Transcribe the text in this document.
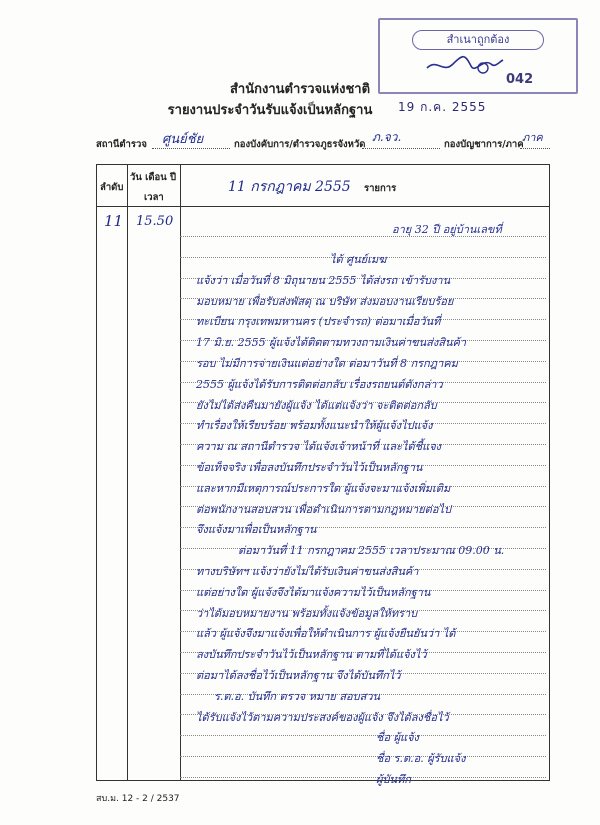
สำเนาถูกต้อง
042
19 ก.ค. 2555
สำนักงานตำรวจแห่งชาติ
รายงานประจำวันรับแจ้งเป็นหลักฐาน
สถานีตำรวจ ศูนย์ชัย	กองบังคับการ/ตำรวจภูธรจังหวัด
ภ.จว.
กองบัญชาการ/ภาค
ภาค
ลำดับ
วัน เดือน ปี
เวลา
รายการ
11 กรกฎาคม 2555
11 15.50
อายุ 32 ปี อยู่บ้านเลขที่
ได้ ศูนย์เมฆ
แจ้งว่า เมื่อวันที่ 8 มิถุนายน 2555 ได้ส่งรถ เข้ารับงาน
มอบหมาย เพื่อรับส่งพัสดุ ณ บริษัท ส่งมอบงานเรียบร้อย
ทะเบียน กรุงเทพมหานคร (ประจำรถ) ต่อมาเมื่อวันที่
17 มิ.ย. 2555 ผู้แจ้งได้ติดตามทวงถามเงินค่าขนส่งสินค้า
รอบ ไม่มีการจ่ายเงินแต่อย่างใด ต่อมาวันที่ 8 กรกฎาคม
2555 ผู้แจ้งได้รับการติดต่อกลับ เรื่องรถยนต์ดังกล่าว
ยังไม่ได้ส่งคืนมายังผู้แจ้ง ได้แต่แจ้งว่า จะติดต่อกลับ
ทำเรื่องให้เรียบร้อย พร้อมทั้งแนะนำให้ผู้แจ้งไปแจ้ง
ความ ณ สถานีตำรวจ ได้แจ้งเจ้าหน้าที่ และได้ชี้แจง
ข้อเท็จจริง เพื่อลงบันทึกประจำวันไว้เป็นหลักฐาน
และหากมีเหตุการณ์ประการใด ผู้แจ้งจะมาแจ้งเพิ่มเติม
ต่อพนักงานสอบสวน เพื่อดำเนินการตามกฎหมายต่อไป
จึงแจ้งมาเพื่อเป็นหลักฐาน
ต่อมาวันที่ 11 กรกฎาคม 2555 เวลาประมาณ 09.00 น.
ทางบริษัทฯ แจ้งว่ายังไม่ได้รับเงินค่าขนส่งสินค้า
แต่อย่างใด ผู้แจ้งจึงได้มาแจ้งความไว้เป็นหลักฐาน
ว่าได้มอบหมายงาน พร้อมทั้งแจ้งข้อมูลให้ทราบ
แล้ว ผู้แจ้งจึงมาแจ้งเพื่อให้ดำเนินการ ผู้แจ้งยืนยันว่า ได้
ลงบันทึกประจำวันไว้เป็นหลักฐาน ตามที่ได้แจ้งไว้
ต่อมาได้ลงชื่อไว้เป็นหลักฐาน จึงได้บันทึกไว้
ร.ต.อ. บันทึก ตรวจ หมาย สอบสวน
ได้รับแจ้งไว้ตามความประสงค์ของผู้แจ้ง จึงได้ลงชื่อไว้
ชื่อ ผู้แจ้ง
ชื่อ ร.ต.อ. ผู้รับแจ้ง
ผู้บันทึก
สบ.ม. 12 - 2 / 2537
